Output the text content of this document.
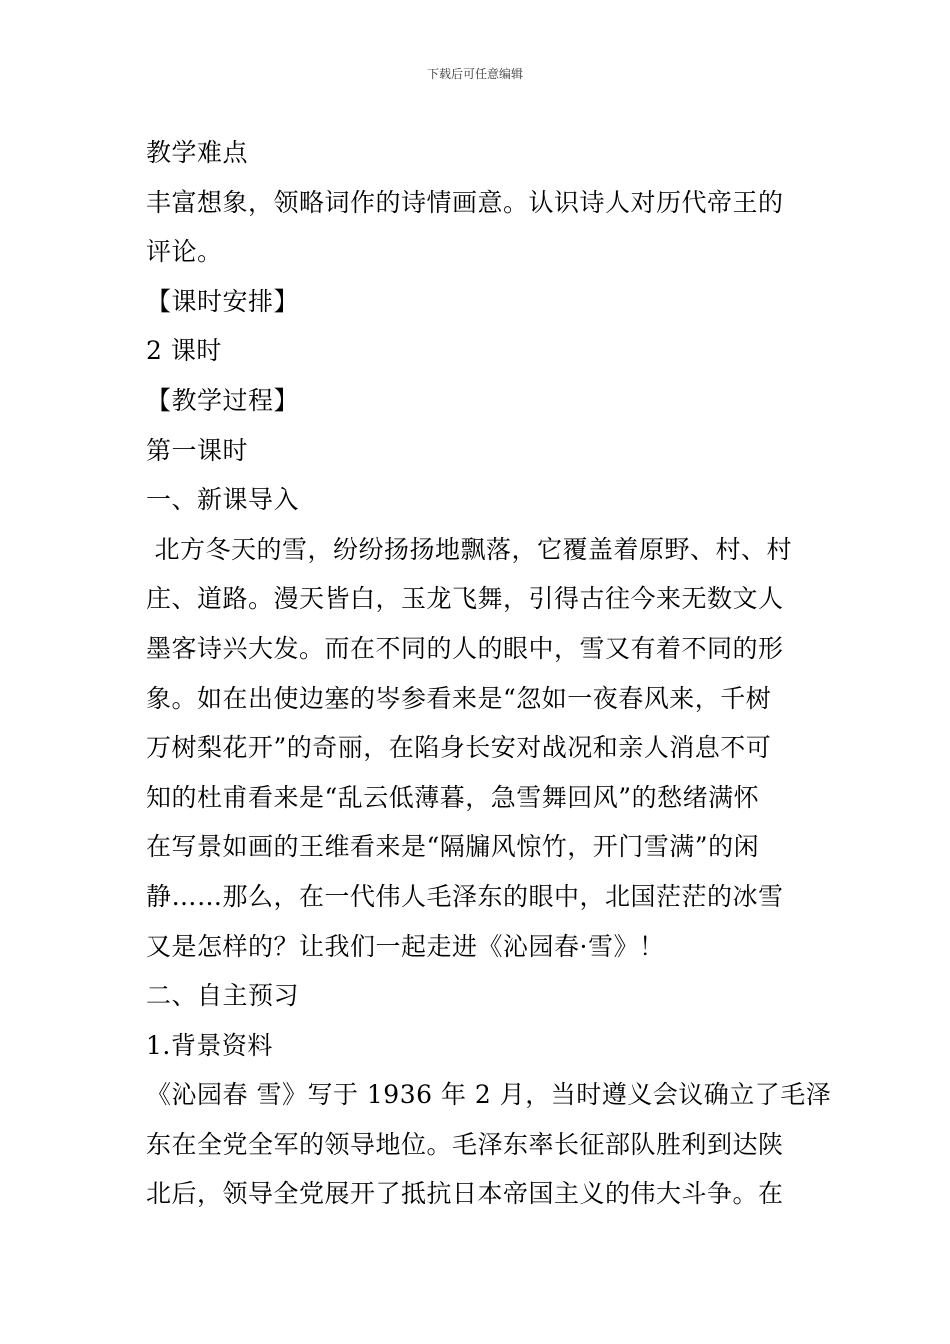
下载后可任意编辑
教学难点
丰富想象，领略词作的诗情画意。认识诗人对历代帝王的
评论。
【课时安排】
2 课时
【教学过程】
第一课时
一、新课导入
北方冬天的雪，纷纷扬扬地飘落，它覆盖着原野、村、村
庄、道路。漫天皆白，玉龙飞舞，引得古往今来无数文人
墨客诗兴大发。而在不同的人的眼中，雪又有着不同的形
象。如在出使边塞的岑参看来是“忽如一夜春风来，千树
万树梨花开”的奇丽，在陷身长安对战况和亲人消息不可
知的杜甫看来是“乱云低薄暮，急雪舞回风”的愁绪满怀
在写景如画的王维看来是“隔牖风惊竹，开门雪满”的闲
静……那么，在一代伟人毛泽东的眼中，北国茫茫的冰雪
又是怎样的？让我们一起走进《沁园春·雪》！
二、自主预习
1.背景资料
《沁园春 雪》写于 1936 年 2 月，当时遵义会议确立了毛泽
东在全党全军的领导地位。毛泽东率长征部队胜利到达陕
北后，领导全党展开了抵抗日本帝国主义的伟大斗争。在
